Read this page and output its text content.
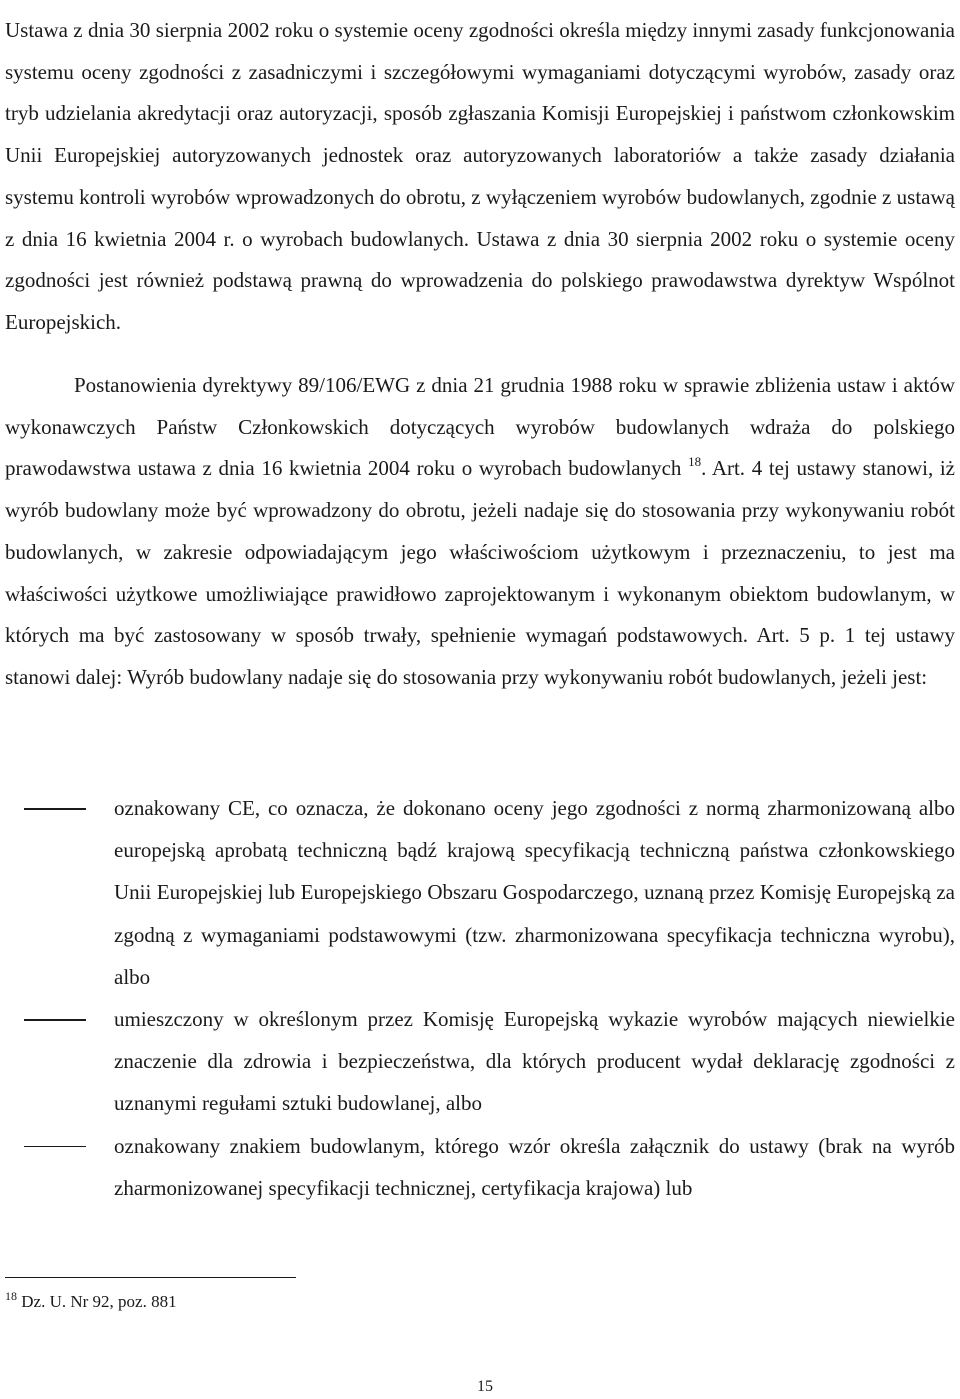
Ustawa z dnia 30 sierpnia 2002 roku o systemie oceny zgodności określa między innymi zasady funkcjonowania systemu oceny zgodności z zasadniczymi i szczegółowymi wymaganiami dotyczącymi wyrobów, zasady oraz tryb udzielania akredytacji oraz autoryzacji, sposób zgłaszania Komisji Europejskiej i państwom członkowskim Unii Europejskiej autoryzowanych jednostek oraz autoryzowanych laboratoriów a także zasady działania systemu kontroli wyrobów wprowadzonych do obrotu, z wyłączeniem wyrobów budowlanych, zgodnie z ustawą z dnia 16 kwietnia 2004 r. o wyrobach budowlanych. Ustawa z dnia 30 sierpnia 2002 roku o systemie oceny zgodności jest również podstawą prawną do wprowadzenia do polskiego prawodawstwa dyrektyw Wspólnot Europejskich.

Postanowienia dyrektywy 89/106/EWG z dnia 21 grudnia 1988 roku w sprawie zbliżenia ustaw i aktów wykonawczych Państw Członkowskich dotyczących wyrobów budowlanych wdraża do polskiego prawodawstwa ustawa z dnia 16 kwietnia 2004 roku o wyrobach budowlanych $^{18}$. Art. 4 tej ustawy stanowi, iż wyrób budowlany może być wprowadzony do obrotu, jeżeli nadaje się do stosowania przy wykonywaniu robót budowlanych, w zakresie odpowiadającym jego właściwościom użytkowym i przeznaczeniu, to jest ma właściwości użytkowe umożliwiające prawidłowo zaprojektowanym i wykonanym obiektom budowlanym, w których ma być zastosowany w sposób trwały, spełnienie wymagań podstawowych. Art. 5 p. 1 tej ustawy stanowi dalej: Wyrób budowlany nadaje się do stosowania przy wykonywaniu robót budowlanych, jeżeli jest:

oznakowany CE, co oznacza, że dokonano oceny jego zgodności z normą zharmonizowaną albo europejską aprobatą techniczną bądź krajową specyfikacją techniczną państwa członkowskiego Unii Europejskiej lub Europejskiego Obszaru Gospodarczego, uznaną przez Komisję Europejską za zgodną z wymaganiami podstawowymi (tzw. zharmonizowana specyfikacja techniczna wyrobu), albo
umieszczony w określonym przez Komisję Europejską wykazie wyrobów mających niewielkie znaczenie dla zdrowia i bezpieczeństwa, dla których producent wydał deklarację zgodności z uznanymi regułami sztuki budowlanej, albo
oznakowany znakiem budowlanym, którego wzór określa załącznik do ustawy (brak na wyrób zharmonizowanej specyfikacji technicznej, certyfikacja krajowa) lub

$^{18}$ Dz. U. Nr 92, poz. 881

15
